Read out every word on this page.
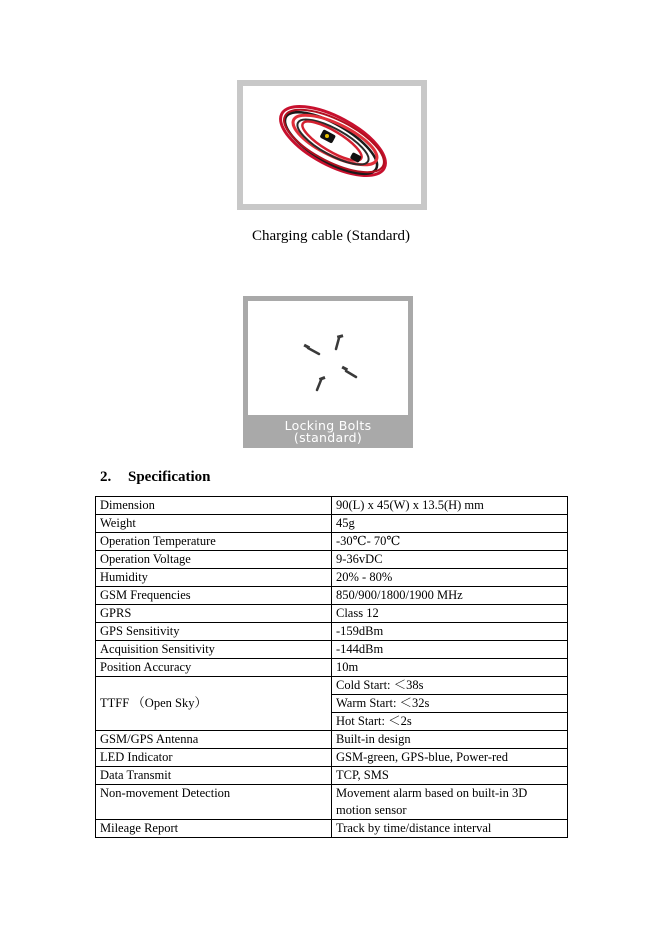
Charging cable (Standard)
Locking Bolts
(standard)
2. Specification
Dimension	90(L) x 45(W) x 13.5(H) mm
Weight	45g
Operation Temperature	-30℃- 70℃
Operation Voltage	9-36vDC
Humidity	20% - 80%
GSM Frequencies	850/900/1800/1900 MHz
GPRS	Class 12
GPS Sensitivity	-159dBm
Acquisition Sensitivity	-144dBm
Position Accuracy	10m
TTFF （Open Sky）	Cold Start: ＜38s
	Warm Start: ＜32s
	Hot Start: ＜2s
GSM/GPS Antenna	Built-in design
LED Indicator	GSM-green, GPS-blue, Power-red
Data Transmit	TCP, SMS
Non-movement Detection	Movement alarm based on built-in 3D motion sensor
Mileage Report	Track by time/distance interval
